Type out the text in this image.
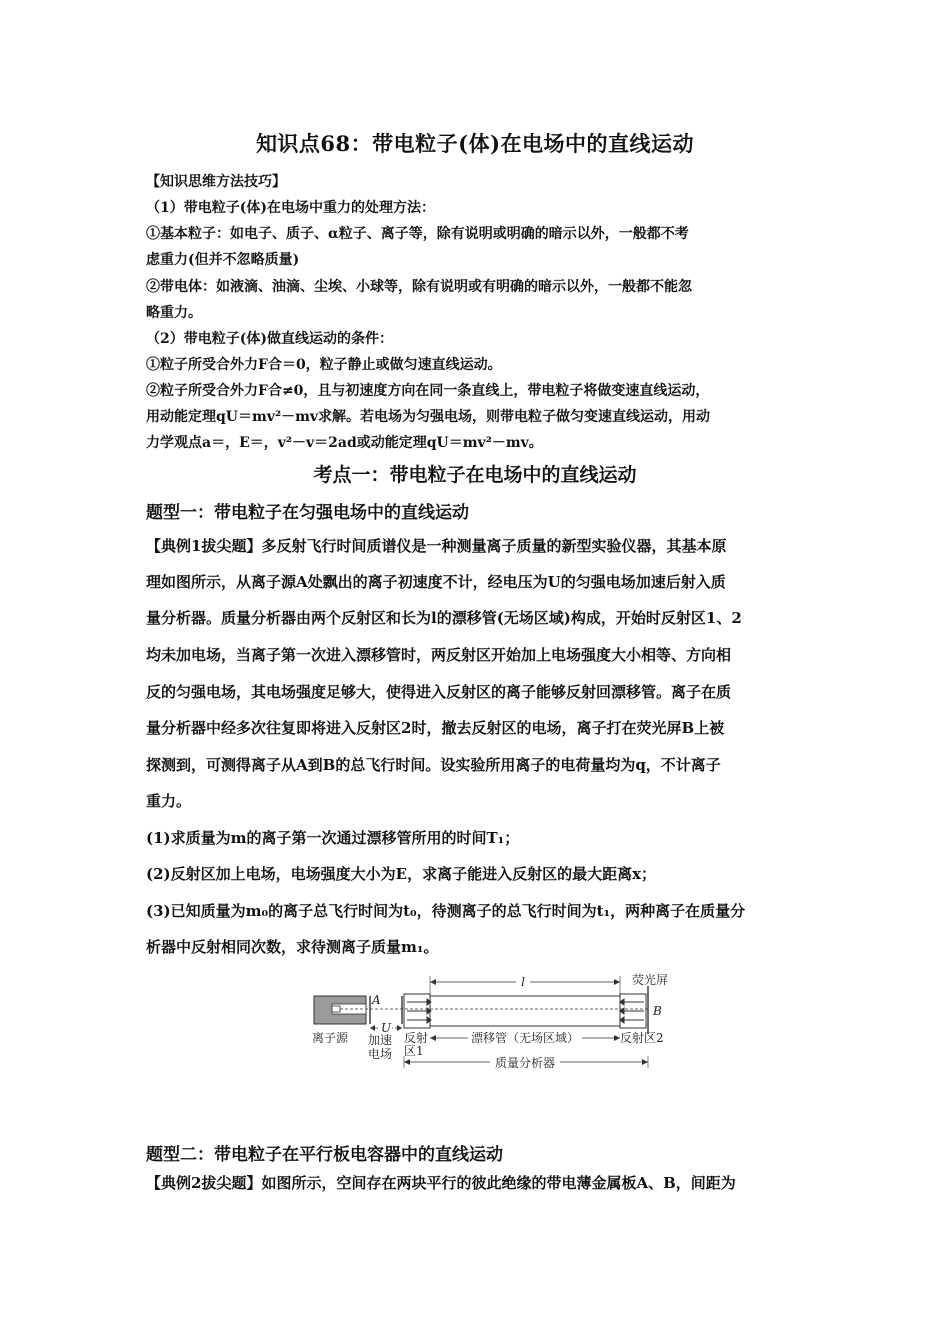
知识点68：带电粒子(体)在电场中的直线运动
【知识思维方法技巧】
（1）带电粒子(体)在电场中重力的处理方法：
①基本粒子：如电子、质子、α粒子、离子等，除有说明或明确的暗示以外，一般都不考
虑重力(但并不忽略质量)
②带电体：如液滴、油滴、尘埃、小球等，除有说明或有明确的暗示以外，一般都不能忽
略重力。
（2）带电粒子(体)做直线运动的条件：
①粒子所受合外力F合＝0，粒子静止或做匀速直线运动。
②粒子所受合外力F合≠0，且与初速度方向在同一条直线上，带电粒子将做变速直线运动，
用动能定理qU＝mv²－mv求解。若电场为匀强电场，则带电粒子做匀变速直线运动，用动
力学观点a＝，E＝，v²－v＝2ad或动能定理qU＝mv²－mv。
考点一：带电粒子在电场中的直线运动
题型一：带电粒子在匀强电场中的直线运动
【典例1拔尖题】多反射飞行时间质谱仪是一种测量离子质量的新型实验仪器，其基本原
理如图所示，从离子源A处飘出的离子初速度不计，经电压为U的匀强电场加速后射入质
量分析器。质量分析器由两个反射区和长为l的漂移管(无场区域)构成，开始时反射区1、2
均未加电场，当离子第一次进入漂移管时，两反射区开始加上电场强度大小相等、方向相
反的匀强电场，其电场强度足够大，使得进入反射区的离子能够反射回漂移管。离子在质
量分析器中经多次往复即将进入反射区2时，撤去反射区的电场，离子打在荧光屏B上被
探测到，可测得离子从A到B的总飞行时间。设实验所用离子的电荷量均为q，不计离子
重力。
(1)求质量为m的离子第一次通过漂移管所用的时间T₁；
(2)反射区加上电场，电场强度大小为E，求离子能进入反射区的最大距离x；
(3)已知质量为m₀的离子总飞行时间为t₀，待测离子的总飞行时间为t₁，两种离子在质量分
析器中反射相同次数，求待测离子质量m₁。
l
U
A
B
荧光屏
离子源 加速
电场
反射
区1
漂移管（无场区域）	反射区2
质量分析器
题型二：带电粒子在平行板电容器中的直线运动
【典例2拔尖题】如图所示，空间存在两块平行的彼此绝缘的带电薄金属板A、B，间距为
